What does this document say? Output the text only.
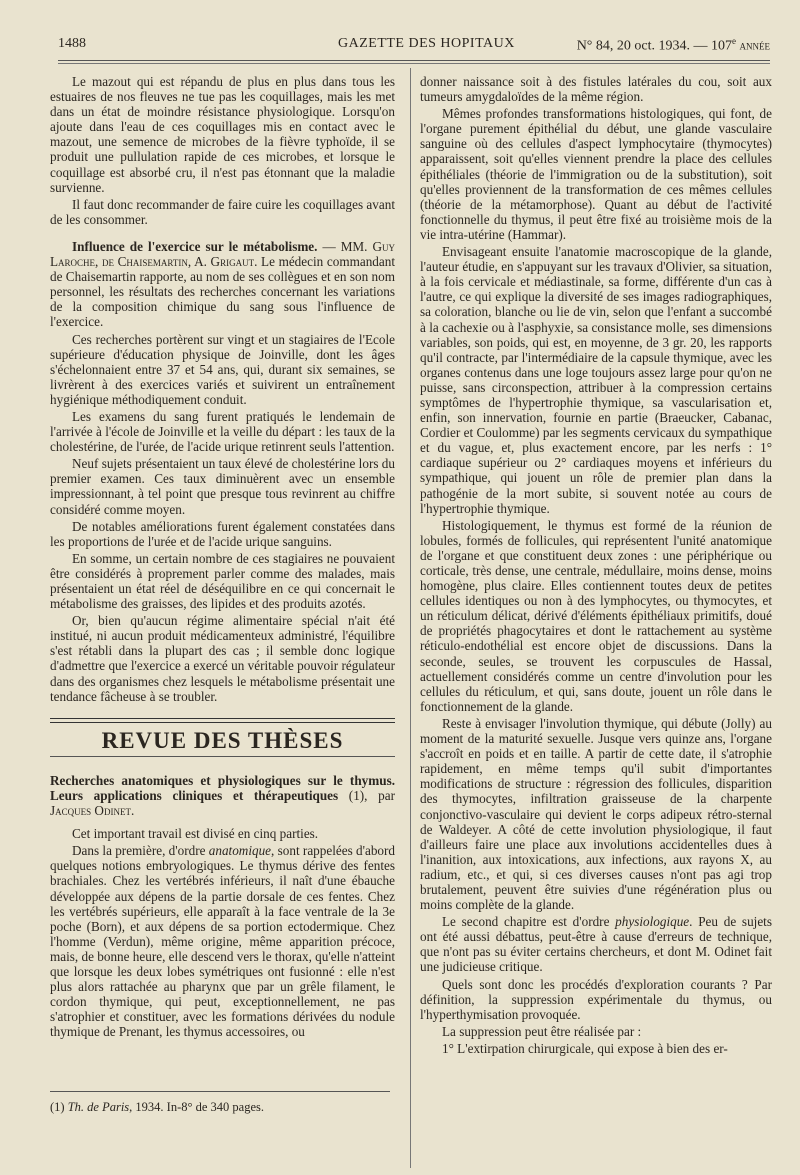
1488	GAZETTE DES HOPITAUX	N° 84, 20 oct. 1934. — 107e ANNÉE

Le mazout qui est répandu de plus en plus dans tous les estuaires de nos fleuves ne tue pas les coquillages, mais les met dans un état de moindre résistance physiologique. Lorsqu'on ajoute dans l'eau de ces coquillages mis en contact avec le mazout, une semence de microbes de la fièvre typhoïde, il se produit une pullulation rapide de ces microbes, et lorsque le coquillage est absorbé cru, il n'est pas étonnant que la maladie survienne.

Il faut donc recommander de faire cuire les coquillages avant de les consommer.

Influence de l'exercice sur le métabolisme. — MM. Guy Laroche, de Chaisemartin, A. Grigaut. Le médecin commandant de Chaisemartin rapporte, au nom de ses collègues et en son nom personnel, les résultats des recherches concernant les variations de la composition chimique du sang sous l'influence de l'exercice.

Ces recherches portèrent sur vingt et un stagiaires de l'Ecole supérieure d'éducation physique de Joinville, dont les âges s'échelonnaient entre 37 et 54 ans, qui, durant six semaines, se livrèrent à des exercices variés et suivirent un entraînement hygiénique méthodiquement conduit.

Les examens du sang furent pratiqués le lendemain de l'arrivée à l'école de Joinville et la veille du départ : les taux de la cholestérine, de l'urée, de l'acide urique retinrent seuls l'attention.

Neuf sujets présentaient un taux élevé de cholestérine lors du premier examen. Ces taux diminuèrent avec un ensemble impressionnant, à tel point que presque tous revinrent au chiffre considéré comme moyen.

De notables améliorations furent également constatées dans les proportions de l'urée et de l'acide urique sanguins.

En somme, un certain nombre de ces stagiaires ne pouvaient être considérés à proprement parler comme des malades, mais présentaient un état réel de déséquilibre en ce qui concernait le métabolisme des graisses, des lipides et des produits azotés.

Or, bien qu'aucun régime alimentaire spécial n'ait été institué, ni aucun produit médicamenteux administré, l'équilibre s'est rétabli dans la plupart des cas ; il semble donc logique d'admettre que l'exercice a exercé un véritable pouvoir régulateur dans des organismes chez lesquels le métabolisme présentait une tendance fâcheuse à se troubler.

REVUE DES THÈSES

Recherches anatomiques et physiologiques sur le thymus. Leurs applications cliniques et thérapeutiques (1), par Jacques Odinet.

Cet important travail est divisé en cinq parties.

Dans la première, d'ordre anatomique, sont rappelées d'abord quelques notions embryologiques. Le thymus dérive des fentes brachiales. Chez les vertébrés inférieurs, il naît d'une ébauche développée aux dépens de la partie dorsale de ces fentes. Chez les vertébrés supérieurs, elle apparaît à la face ventrale de la 3e poche (Born), et aux dépens de sa portion ectodermique. Chez l'homme (Verdun), même origine, même apparition précoce, mais, de bonne heure, elle descend vers le thorax, qu'elle n'atteint que lorsque les deux lobes symétriques ont fusionné : elle n'est plus alors rattachée au pharynx que par un grêle filament, le cordon thymique, qui peut, exceptionnellement, ne pas s'atrophier et constituer, avec les formations dérivées du nodule thymique de Prenant, les thymus accessoires, ou

(1) Th. de Paris, 1934. In-8° de 340 pages.

donner naissance soit à des fistules latérales du cou, soit aux tumeurs amygdaloïdes de la même région.

Mêmes profondes transformations histologiques, qui font, de l'organe purement épithélial du début, une glande vasculaire sanguine où des cellules d'aspect lymphocytaire (thymocytes) apparaissent, soit qu'elles viennent prendre la place des cellules épithéliales (théorie de l'immigration ou de la substitution), soit qu'elles proviennent de la transformation de ces mêmes cellules (théorie de la métamorphose). Quant au début de l'activité fonctionnelle du thymus, il peut être fixé au troisième mois de la vie intra-utérine (Hammar).

Envisageant ensuite l'anatomie macroscopique de la glande, l'auteur étudie, en s'appuyant sur les travaux d'Olivier, sa situation, à la fois cervicale et médiastinale, sa forme, différente d'un cas à l'autre, ce qui explique la diversité de ses images radiographiques, sa coloration, blanche ou lie de vin, selon que l'enfant a succombé à la cachexie ou à l'asphyxie, sa consistance molle, ses dimensions variables, son poids, qui est, en moyenne, de 3 gr. 20, les rapports qu'il contracte, par l'intermédiaire de la capsule thymique, avec les organes contenus dans une loge toujours assez large pour qu'on ne puisse, sans circonspection, attribuer à la compression certains symptômes de l'hypertrophie thymique, sa vascularisation et, enfin, son innervation, fournie en partie (Braeucker, Cabanac, Cordier et Coulomme) par les segments cervicaux du sympathique et du vague, et, plus exactement encore, par les nerfs : 1° cardiaque supérieur ou 2° cardiaques moyens et inférieurs du sympathique, qui jouent un rôle de premier plan dans la pathogénie de la mort subite, si souvent notée au cours de l'hypertrophie thymique.

Histologiquement, le thymus est formé de la réunion de lobules, formés de follicules, qui représentent l'unité anatomique de l'organe et que constituent deux zones : une périphérique ou corticale, très dense, une centrale, médullaire, moins dense, moins homogène, plus claire. Elles contiennent toutes deux de petites cellules identiques ou non à des lymphocytes, ou thymocytes, et un réticulum délicat, dérivé d'éléments épithéliaux primitifs, doué de propriétés phagocytaires et dont le rattachement au système réticulo-endothélial est encore objet de discussions. Dans la seconde, seules, se trouvent les corpuscules de Hassal, actuellement considérés comme un centre d'involution pour les cellules du réticulum, et qui, sans doute, jouent un rôle dans le fonctionnement de la glande.

Reste à envisager l'involution thymique, qui débute (Jolly) au moment de la maturité sexuelle. Jusque vers quinze ans, l'organe s'accroît en poids et en taille. A partir de cette date, il s'atrophie rapidement, en même temps qu'il subit d'importantes modifications de structure : régression des follicules, disparition des thymocytes, infiltration graisseuse de la charpente conjonctivo-vasculaire qui devient le corps adipeux rétro-sternal de Waldeyer. A côté de cette involution physiologique, il faut d'ailleurs faire une place aux involutions accidentelles dues à l'inanition, aux intoxications, aux infections, aux rayons X, au radium, etc., et qui, si ces diverses causes n'ont pas agi trop brutalement, peuvent être suivies d'une régénération plus ou moins complète de la glande.

Le second chapitre est d'ordre physiologique. Peu de sujets ont été aussi débattus, peut-être à cause d'erreurs de technique, que n'ont pas su éviter certains chercheurs, et dont M. Odinet fait une judicieuse critique.

Quels sont donc les procédés d'exploration courants ? Par définition, la suppression expérimentale du thymus, ou l'hyperthymisation provoquée.

La suppression peut être réalisée par :

1° L'extirpation chirurgicale, qui expose à bien des er-
